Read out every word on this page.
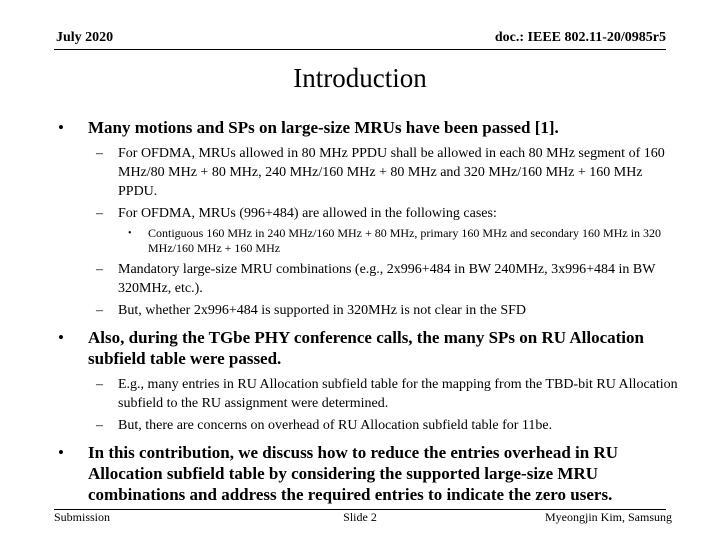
July 2020	doc.: IEEE 802.11-20/0985r5
Introduction
•	Many motions and SPs on large-size MRUs have been passed [1].
–	For OFDMA, MRUs allowed in 80 MHz PPDU shall be allowed in each 80 MHz segment of 160 MHz/80 MHz + 80 MHz, 240 MHz/160 MHz + 80 MHz and 320 MHz/160 MHz + 160 MHz PPDU.
–	For OFDMA, MRUs (996+484) are allowed in the following cases:
•	Contiguous 160 MHz in 240 MHz/160 MHz + 80 MHz, primary 160 MHz and secondary 160 MHz in 320 MHz/160 MHz + 160 MHz
–	Mandatory large-size MRU combinations (e.g., 2x996+484 in BW 240MHz, 3x996+484 in BW 320MHz, etc.).
–	But, whether 2x996+484 is supported in 320MHz is not clear in the SFD
•	Also, during the TGbe PHY conference calls, the many SPs on RU Allocation subfield table were passed.
–	E.g., many entries in RU Allocation subfield table for the mapping from the TBD-bit RU Allocation subfield to the RU assignment were determined.
–	But, there are concerns on overhead of RU Allocation subfield table for 11be.
•	In this contribution, we discuss how to reduce the entries overhead in RU Allocation subfield table by considering the supported large-size MRU combinations and address the required entries to indicate the zero users.
Submission	Slide 2	Myeongjin Kim, Samsung
